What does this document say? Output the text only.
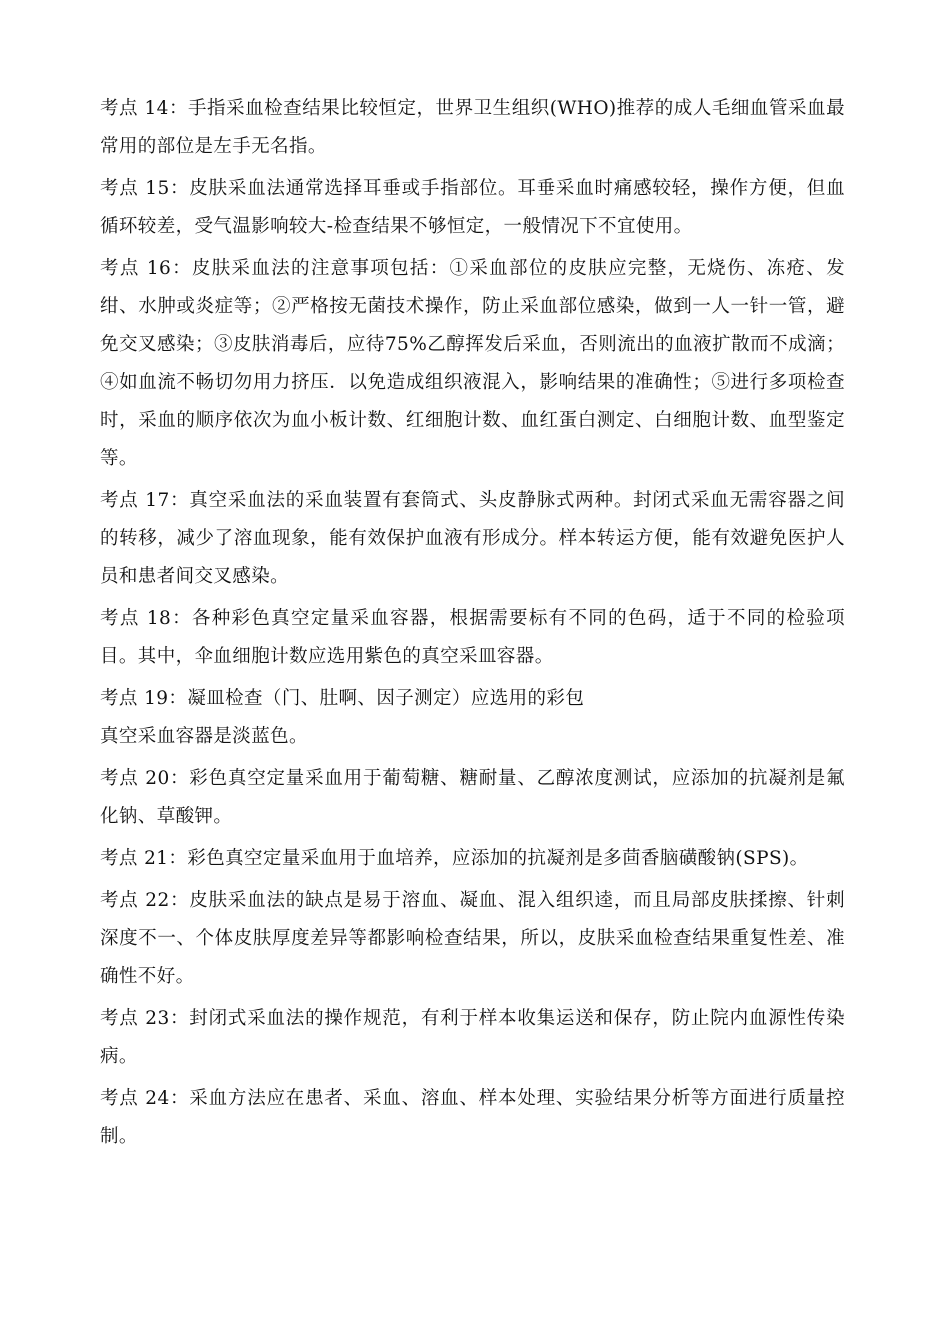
考点 14：手指采血检查结果比较恒定，世界卫生组织(WHO)推荐的成人毛细血管采血最常用的部位是左手无名指。

考点 15：皮肤采血法通常选择耳垂或手指部位。耳垂采血时痛感较轻，操作方便，但血循环较差，受气温影响较大-检查结果不够恒定，一般情况下不宜使用。

考点 16：皮肤采血法的注意事项包括：①采血部位的皮肤应完整，无烧伤、冻疮、发绀、水肿或炎症等；②严格按无菌技术操作，防止采血部位感染，做到一人一针一管，避免交叉感染；③皮肤消毒后，应待75%乙醇挥发后采血，否则流出的血液扩散而不成滴；④如血流不畅切勿用力挤压．以免造成组织液混入，影响结果的准确性；⑤进行多项检查时，采血的顺序依次为血小板计数、红细胞计数、血红蛋白测定、白细胞计数、血型鉴定等。

考点 17：真空采血法的采血装置有套筒式、头皮静脉式两种。封闭式采血无需容器之间的转移，减少了溶血现象，能有效保护血液有形成分。样本转运方便，能有效避免医护人员和患者间交叉感染。

考点 18：各种彩色真空定量采血容器，根据需要标有不同的色码，适于不同的检验项目。其中，伞血细胞计数应选用紫色的真空采皿容器。

考点 19：凝皿检查（门、肚啊、因子测定）应选用的彩包
真空采血容器是淡蓝色。

考点 20：彩色真空定量采血用于葡萄糖、糖耐量、乙醇浓度测试，应添加的抗凝剂是氟化钠、草酸钾。

考点 21：彩色真空定量采血用于血培养，应添加的抗凝剂是多茴香脑磺酸钠(SPS)。

考点 22：皮肤采血法的缺点是易于溶血、凝血、混入组织逵，而且局部皮肤揉擦、针刺深度不一、个体皮肤厚度差异等都影响检查结果，所以，皮肤采血检查结果重复性差、准确性不好。

考点 23：封闭式采血法的操作规范，有利于样本收集运送和保存，防止院内血源性传染病。

考点 24：采血方法应在患者、采血、溶血、样本处理、实验结果分析等方面进行质量控制。
